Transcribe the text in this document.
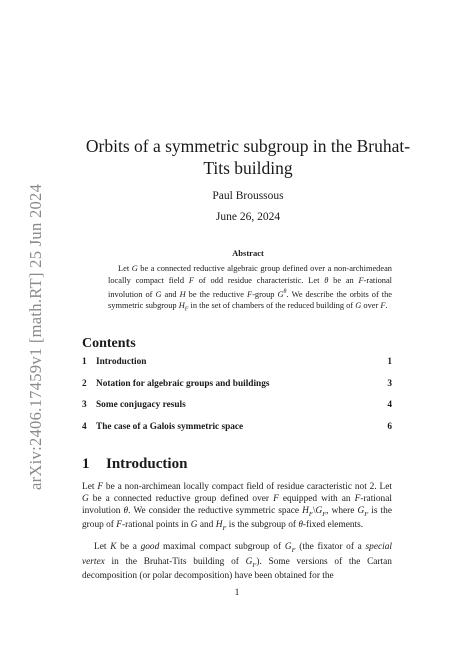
arXiv:2406.17459v1 [math.RT] 25 Jun 2024
Orbits of a symmetric subgroup in the Bruhat-Tits building
Paul Broussous
June 26, 2024
Abstract

Let G be a connected reductive algebraic group defined over a non-archimedean locally compact field F of odd residue characteristic. Let θ be an F-rational involution of G and H be the reductive F-group $G^\theta$. We describe the orbits of the symmetric subgroup $H_F$ in the set of chambers of the reduced building of G over F.

Contents
1 Introduction	1
2 Notation for algebraic groups and buildings	3
3 Some conjugacy resuls	4
4 The case of a Galois symmetric space	6
1 Introduction

Let F be a non-archimean locally compact field of residue caracteristic not 2. Let G be a connected reductive group defined over F equipped with an F-rational involution θ. We consider the reductive symmetric space $H_F\backslash G_F$, where $G_F$ is the group of F-rational points in G and $H_F$ is the subgroup of θ-fixed elements.

Let K be a good maximal compact subgroup of $G_F$ (the fixator of a special vertex in the Bruhat-Tits building of $G_F$). Some versions of the Cartan decomposition (or polar decomposition) have been obtained for the

1
